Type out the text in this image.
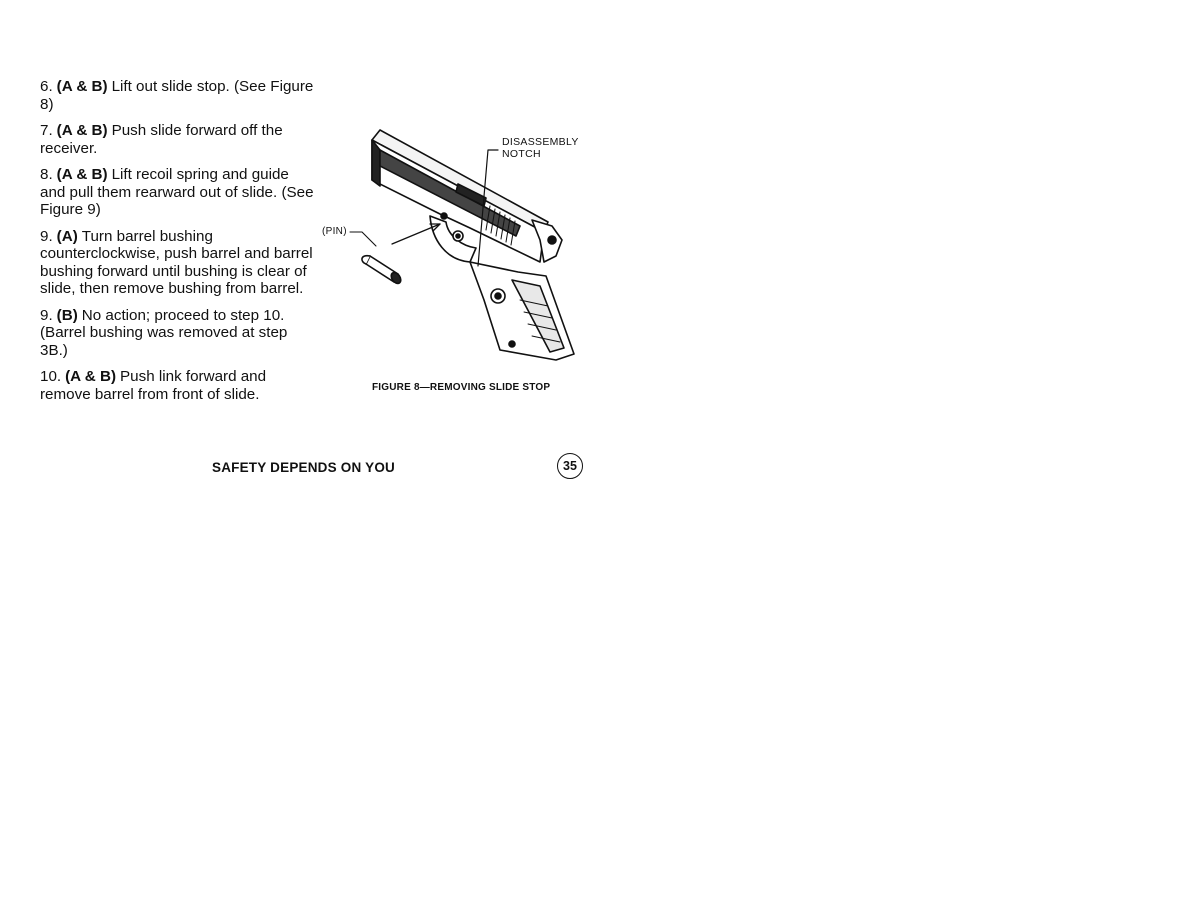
6. (A & B) Lift out slide stop. (See Figure 8)
7. (A & B) Push slide forward off the receiver.
8. (A & B) Lift recoil spring and guide and pull them rearward out of slide. (See Figure 9)
9. (A) Turn barrel bushing counterclockwise, push barrel and barrel bushing forward until bushing is clear of slide, then remove bushing from barrel.
9. (B) No action; proceed to step 10. (Barrel bushing was removed at step 3B.)
10. (A & B) Push link forward and remove barrel from front of slide.
DISASSEMBLY
NOTCH
(PIN)
FIGURE 8—REMOVING SLIDE STOP
SAFETY DEPENDS ON YOU	35
